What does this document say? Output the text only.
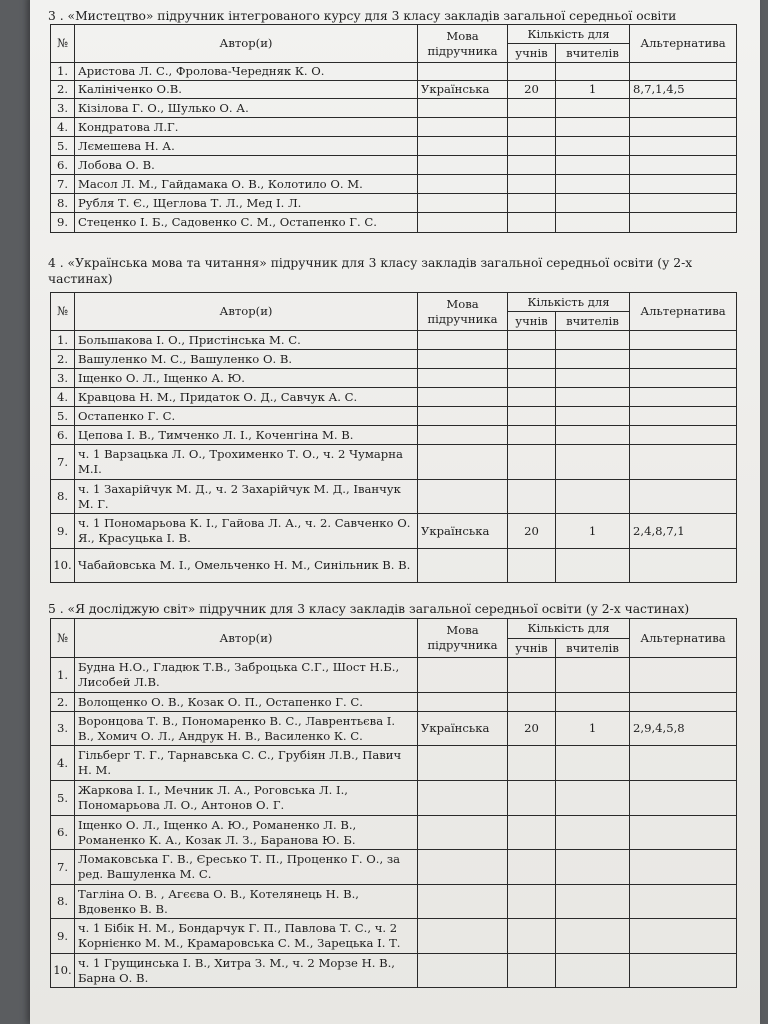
3 . «Мистецтво» підручник інтегрованого курсу для 3 класу закладів загальної середньої освіти
№	Автор(и)	Мова підручника	Кількість для		Альтернатива
			учнів	вчителів	
1.	Аристова Л. С., Фролова-Чередняк К. О.				
2.	Калініченко О.В.	Українська	20	1	8,7,1,4,5
3.	Кізілова Г. О., Шулько О. А.				
4.	Кондратова Л.Г.				
5.	Лємешева Н. А.				
6.	Лобова О. В.				
7.	Масол Л. М., Гайдамака О. В., Колотило О. М.				
8.	Рубля Т. Є., Щеглова Т. Л., Мед І. Л.				
9.	Стеценко І. Б., Садовенко С. М., Остапенко Г. С.				
4 . «Українська мова та читання» підручник для 3 класу закладів загальної середньої освіти (у 2-х частинах)
№	Автор(и)	Мова підручника	Кількість для		Альтернатива
			учнів	вчителів	
1.	Большакова І. О., Пристінська М. С.				
2.	Вашуленко М. С., Вашуленко О. В.				
3.	Іщенко О. Л., Іщенко А. Ю.				
4.	Кравцова Н. М., Придаток О. Д., Савчук А. С.				
5.	Остапенко Г. С.				
6.	Цепова І. В., Тимченко Л. І., Коченгіна М. В.				
7.	ч. 1 Варзацька Л. О., Трохименко Т. О., ч. 2 Чумарна М.І.				
8.	ч. 1 Захарійчук М. Д., ч. 2 Захарійчук М. Д., Іванчук М. Г.				
9.	ч. 1 Пономарьова К. І., Гайова Л. А., ч. 2. Савченко О. Я., Красуцька І. В.	Українська	20	1	2,4,8,7,1
10.	Чабайовська М. І., Омельченко Н. М., Синільник В. В.				
5 . «Я досліджую світ» підручник для 3 класу закладів загальної середньої освіти (у 2-х частинах)
№	Автор(и)	Мова підручника	Кількість для		Альтернатива
			учнів	вчителів	
1.	Будна Н.О., Гладюк Т.В., Заброцька С.Г., Шост Н.Б., Лисобей Л.В.				
2.	Волощенко О. В., Козак О. П., Остапенко Г. С.				
3.	Воронцова Т. В., Пономаренко В. С., Лаврентьєва І. В., Хомич О. Л., Андрук Н. В., Василенко К. С.	Українська	20	1	2,9,4,5,8
4.	Гільберг Т. Г., Тарнавська С. С., Грубіян Л.В., Павич Н. М.				
5.	Жаркова І. І., Мечник Л. А., Роговська Л. І., Пономарьова Л. О., Антонов О. Г.				
6.	Іщенко О. Л., Іщенко А. Ю., Романенко Л. В., Романенко К. А., Козак Л. З., Баранова Ю. Б.				
7.	Ломаковська Г. В., Єресько Т. П., Проценко Г. О., за ред. Вашуленка М. С.				
8.	Тагліна О. В. , Агєєва О. В., Котелянець Н. В., Вдовенко В. В.				
9.	ч. 1 Бібік Н. М., Бондарчук Г. П., Павлова Т. С., ч. 2 Корнієнко М. М., Крамаровська С. М., Зарецька І. Т.				
10.	ч. 1 Грущинська І. В., Хитра З. М., ч. 2 Морзе Н. В., Барна О. В.				
